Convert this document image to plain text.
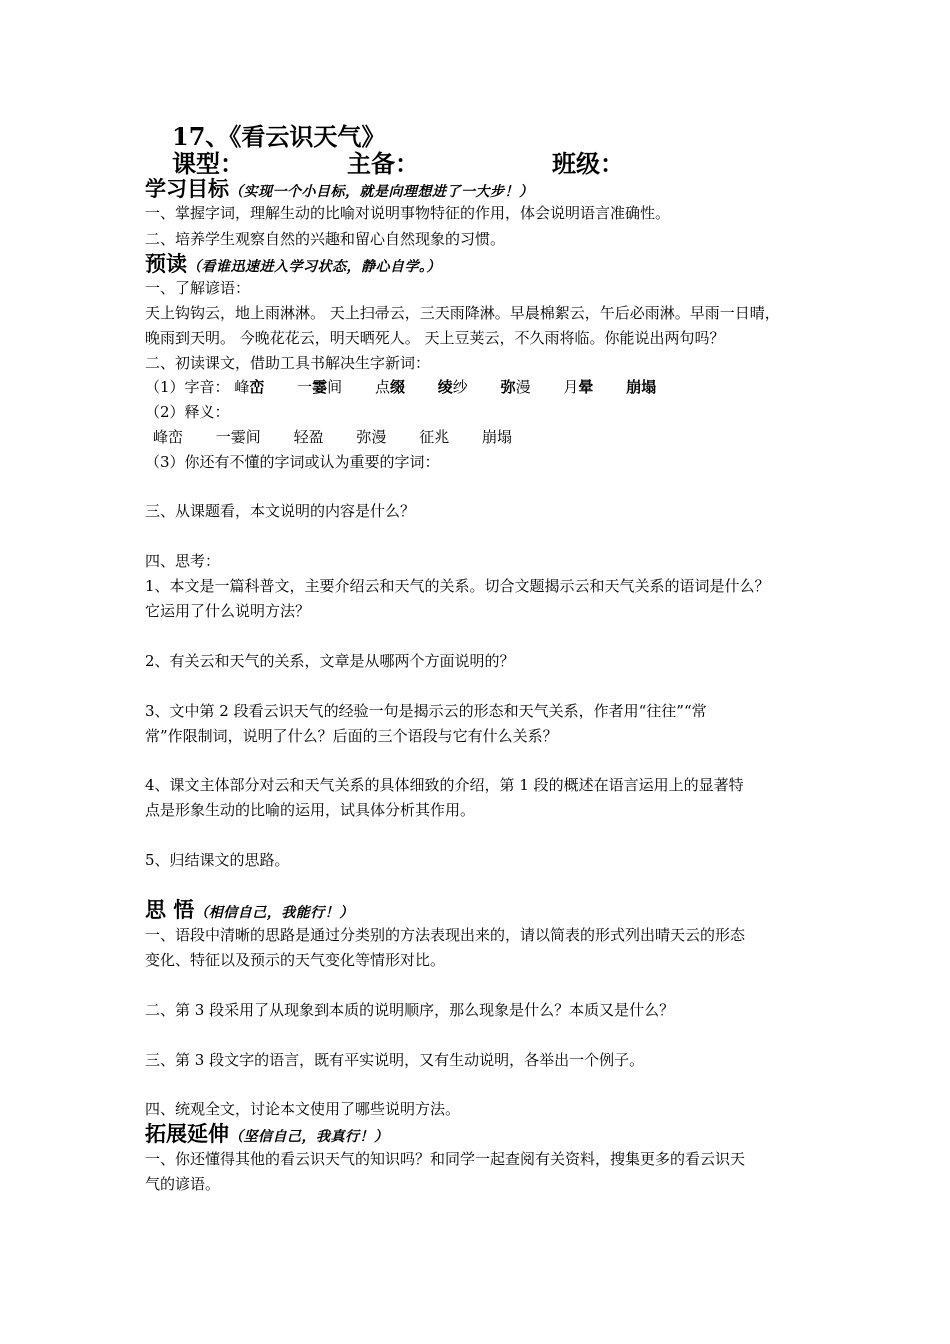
17、《看云识天气》
课型：	主备：	班级：
学习目标（实现一个小目标，就是向理想进了一大步！）
一、掌握字词，理解生动的比喻对说明事物特征的作用，体会说明语言准确性。
二、培养学生观察自然的兴趣和留心自然现象的习惯。
预读（看谁迅速进入学习状态，静心自学。）
一、了解谚语：
天上钩钩云，地上雨淋淋。 天上扫帚云，三天雨降淋。早晨棉絮云，午后必雨淋。早雨一日晴，
晚雨到天明。 今晚花花云，明天晒死人。 天上豆荚云，不久雨将临。你能说出两句吗？
二、初读课文，借助工具书解决生字新词：
（1）字音： 峰峦 一霎间 点缀 绫纱 弥漫 月晕 崩塌
（2）释义：
峰峦 一霎间 轻盈 弥漫 征兆 崩塌
（3）你还有不懂的字词或认为重要的字词：
三、从课题看，本文说明的内容是什么？
四、思考：
1、本文是一篇科普文，主要介绍云和天气的关系。切合文题揭示云和天气关系的语词是什么？
它运用了什么说明方法？
2、有关云和天气的关系，文章是从哪两个方面说明的？
3、文中第 2 段看云识天气的经验一句是揭示云的形态和天气关系，作者用“往往”“常
常”作限制词，说明了什么？后面的三个语段与它有什么关系？
4、课文主体部分对云和天气关系的具体细致的介绍，第 1 段的概述在语言运用上的显著特
点是形象生动的比喻的运用，试具体分析其作用。
5、归结课文的思路。
思 悟（相信自己，我能行！）
一、语段中清晰的思路是通过分类别的方法表现出来的，请以简表的形式列出晴天云的形态
变化、特征以及预示的天气变化等情形对比。
二、第 3 段采用了从现象到本质的说明顺序，那么现象是什么？本质又是什么？
三、第 3 段文字的语言，既有平实说明，又有生动说明，各举出一个例子。
四、统观全文，讨论本文使用了哪些说明方法。
拓展延伸（坚信自己，我真行！）
一、你还懂得其他的看云识天气的知识吗？和同学一起查阅有关资料，搜集更多的看云识天
气的谚语。
